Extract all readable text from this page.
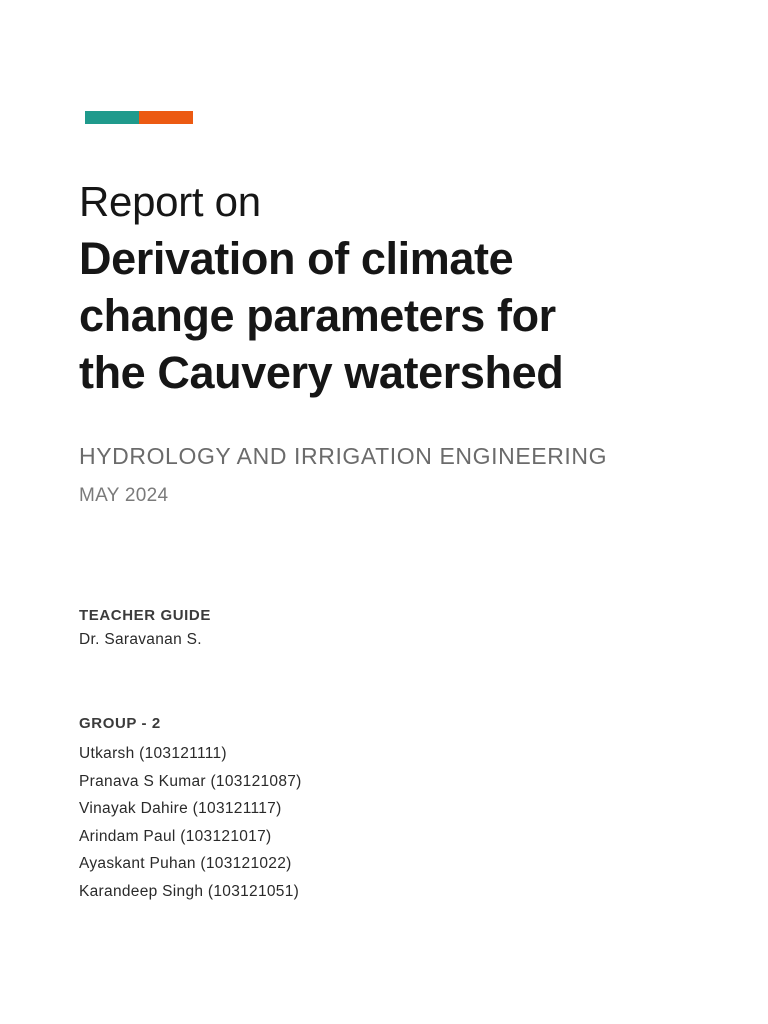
Report on
Derivation of climate
change parameters for
the Cauvery watershed
HYDROLOGY AND IRRIGATION ENGINEERING
MAY 2024
TEACHER GUIDE
Dr. Saravanan S.
GROUP - 2
Utkarsh (103121111)
Pranava S Kumar (103121087)
Vinayak Dahire (103121117)
Arindam Paul (103121017)
Ayaskant Puhan (103121022)
Karandeep Singh (103121051)
